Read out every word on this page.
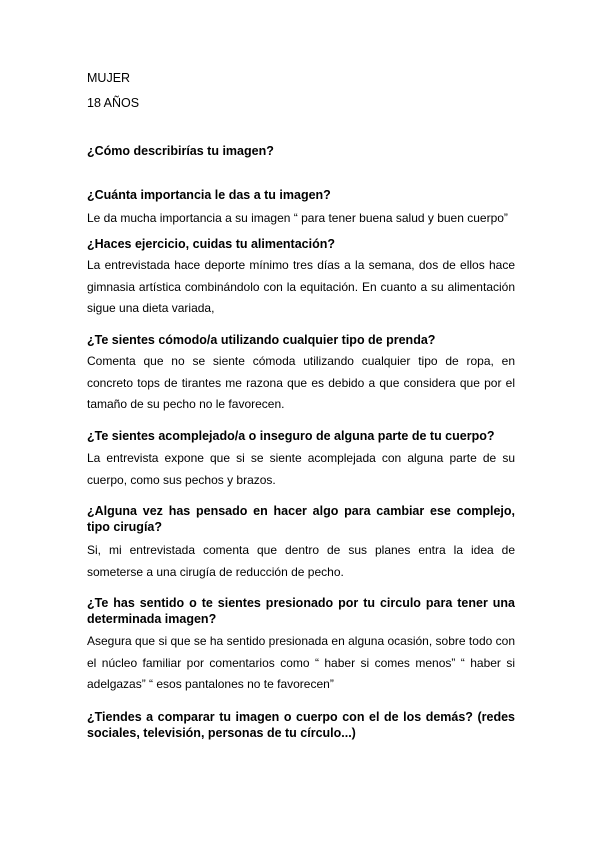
MUJER
18 AÑOS
¿Cómo describirías tu imagen?
¿Cuánta importancia le das a tu imagen?
Le da mucha importancia a su imagen “ para tener buena salud y buen cuerpo”
¿Haces ejercicio, cuidas tu alimentación?
La entrevistada hace deporte mínimo tres días a la semana, dos de ellos hace gimnasia artística combinándolo con la equitación. En cuanto a su alimentación sigue una dieta variada,
¿Te sientes cómodo/a utilizando cualquier tipo de prenda?
Comenta que no se siente cómoda utilizando cualquier tipo de ropa, en concreto tops de tirantes me razona que es debido a que considera que por el tamaño de su pecho no le favorecen.
¿Te sientes acomplejado/a o inseguro de alguna parte de tu cuerpo?
La entrevista expone que si se siente acomplejada con alguna parte de su cuerpo, como sus pechos y brazos.
¿Alguna vez has pensado en hacer algo para cambiar ese complejo, tipo cirugía?
Si, mi entrevistada comenta que dentro de sus planes entra la idea de someterse a una cirugía de reducción de pecho.
¿Te has sentido o te sientes presionado por tu circulo para tener una determinada imagen?
Asegura que si que se ha sentido presionada en alguna ocasión, sobre todo con el núcleo familiar por comentarios como “ haber si comes menos” “ haber si adelgazas” “ esos pantalones no te favorecen”
¿Tiendes a comparar tu imagen o cuerpo con el de los demás? (redes sociales, televisión, personas de tu círculo...)
